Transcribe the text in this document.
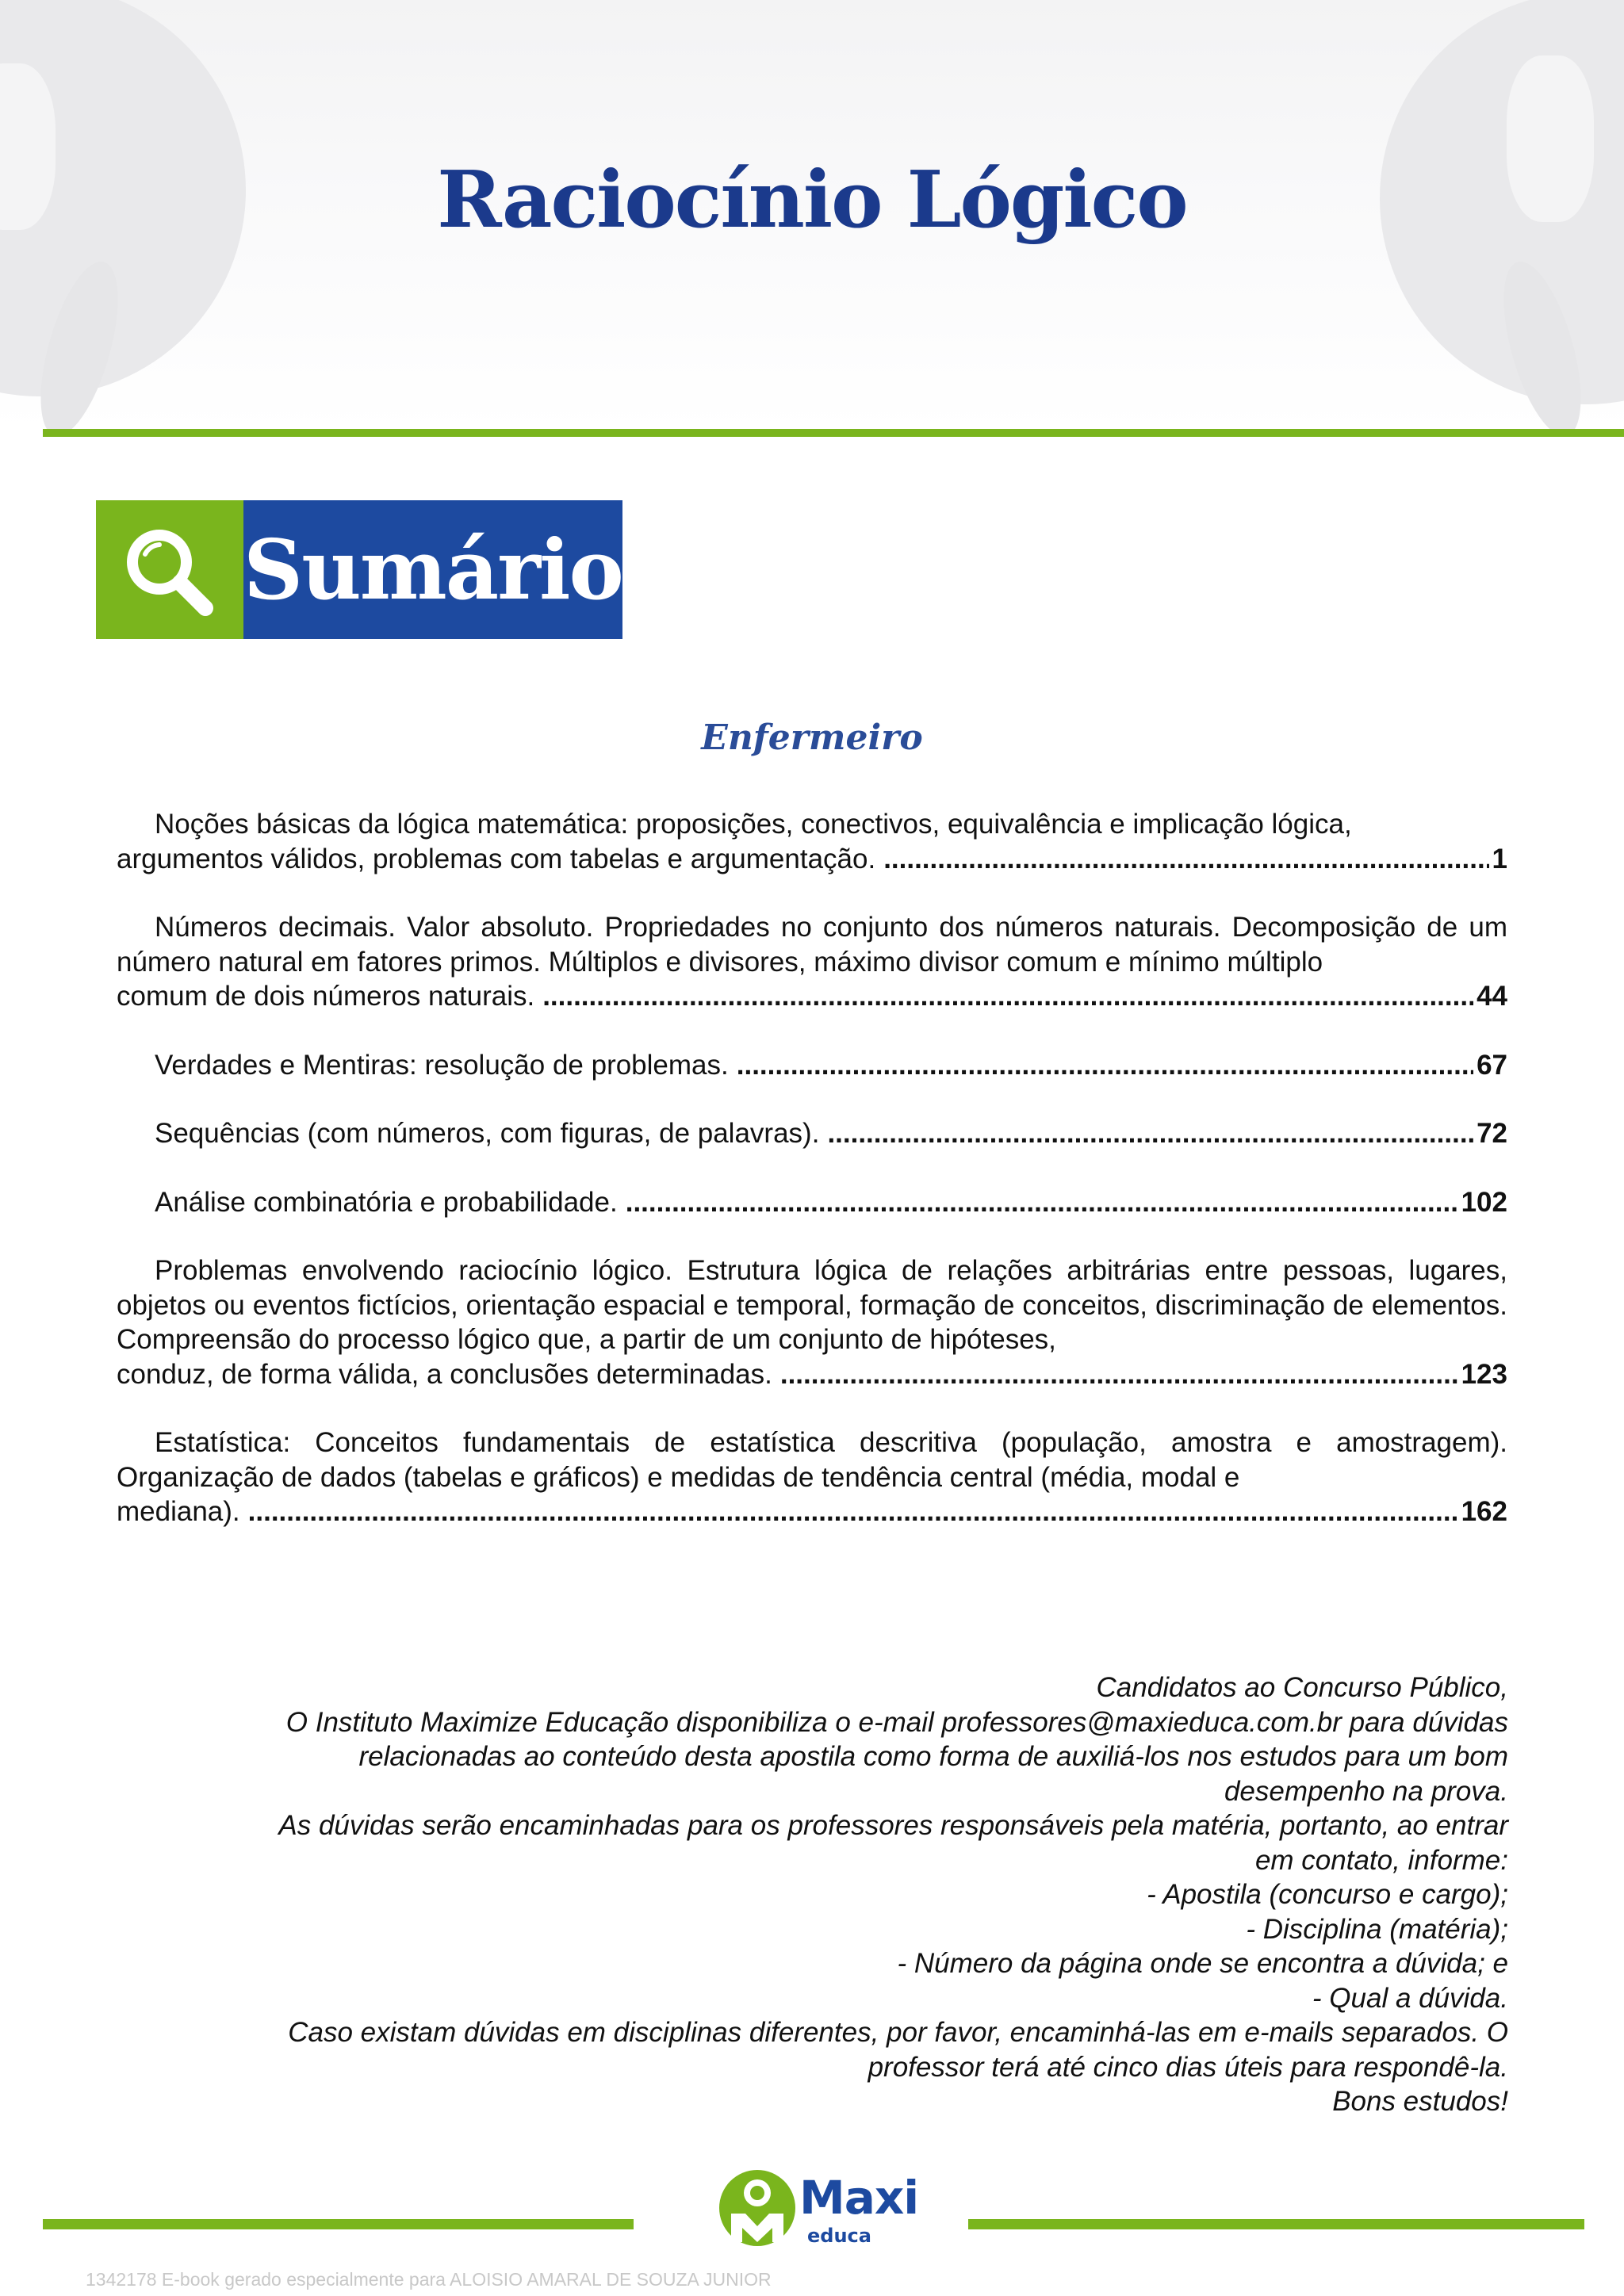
Raciocínio Lógico
Sumário
Enfermeiro
Noções básicas da lógica matemática: proposições, conectivos, equivalência e implicação lógica,
argumentos válidos, problemas com tabelas e argumentação. .....	1
Números decimais. Valor absoluto. Propriedades no conjunto dos números naturais. Decomposição de um número natural em fatores primos. Múltiplos e divisores, máximo divisor comum e mínimo múltiplo
comum de dois números naturais. .....	44
Verdades e Mentiras: resolução de problemas. .....	67
Sequências (com números, com figuras, de palavras). .....	72
Análise combinatória e probabilidade. .....	102
Problemas envolvendo raciocínio lógico. Estrutura lógica de relações arbitrárias entre pessoas, lugares, objetos ou eventos fictícios, orientação espacial e temporal, formação de conceitos, discriminação de elementos. Compreensão do processo lógico que, a partir de um conjunto de hipóteses,
conduz, de forma válida, a conclusões determinadas. .....	123
Estatística: Conceitos fundamentais de estatística descritiva (população, amostra e amostragem). Organização de dados (tabelas e gráficos) e medidas de tendência central (média, modal e
mediana). .....	162
Candidatos ao Concurso Público,
O Instituto Maximize Educação disponibiliza o e-mail professores@maxieduca.com.br para dúvidas
relacionadas ao conteúdo desta apostila como forma de auxiliá-los nos estudos para um bom
desempenho na prova.
As dúvidas serão encaminhadas para os professores responsáveis pela matéria, portanto, ao entrar
em contato, informe:
- Apostila (concurso e cargo);
- Disciplina (matéria);
- Número da página onde se encontra a dúvida; e
- Qual a dúvida.
Caso existam dúvidas em disciplinas diferentes, por favor, encaminhá-las em e-mails separados. O
professor terá até cinco dias úteis para respondê-la.
Bons estudos!
Maxi
educa
1342178 E-book gerado especialmente para ALOISIO AMARAL DE SOUZA JUNIOR
